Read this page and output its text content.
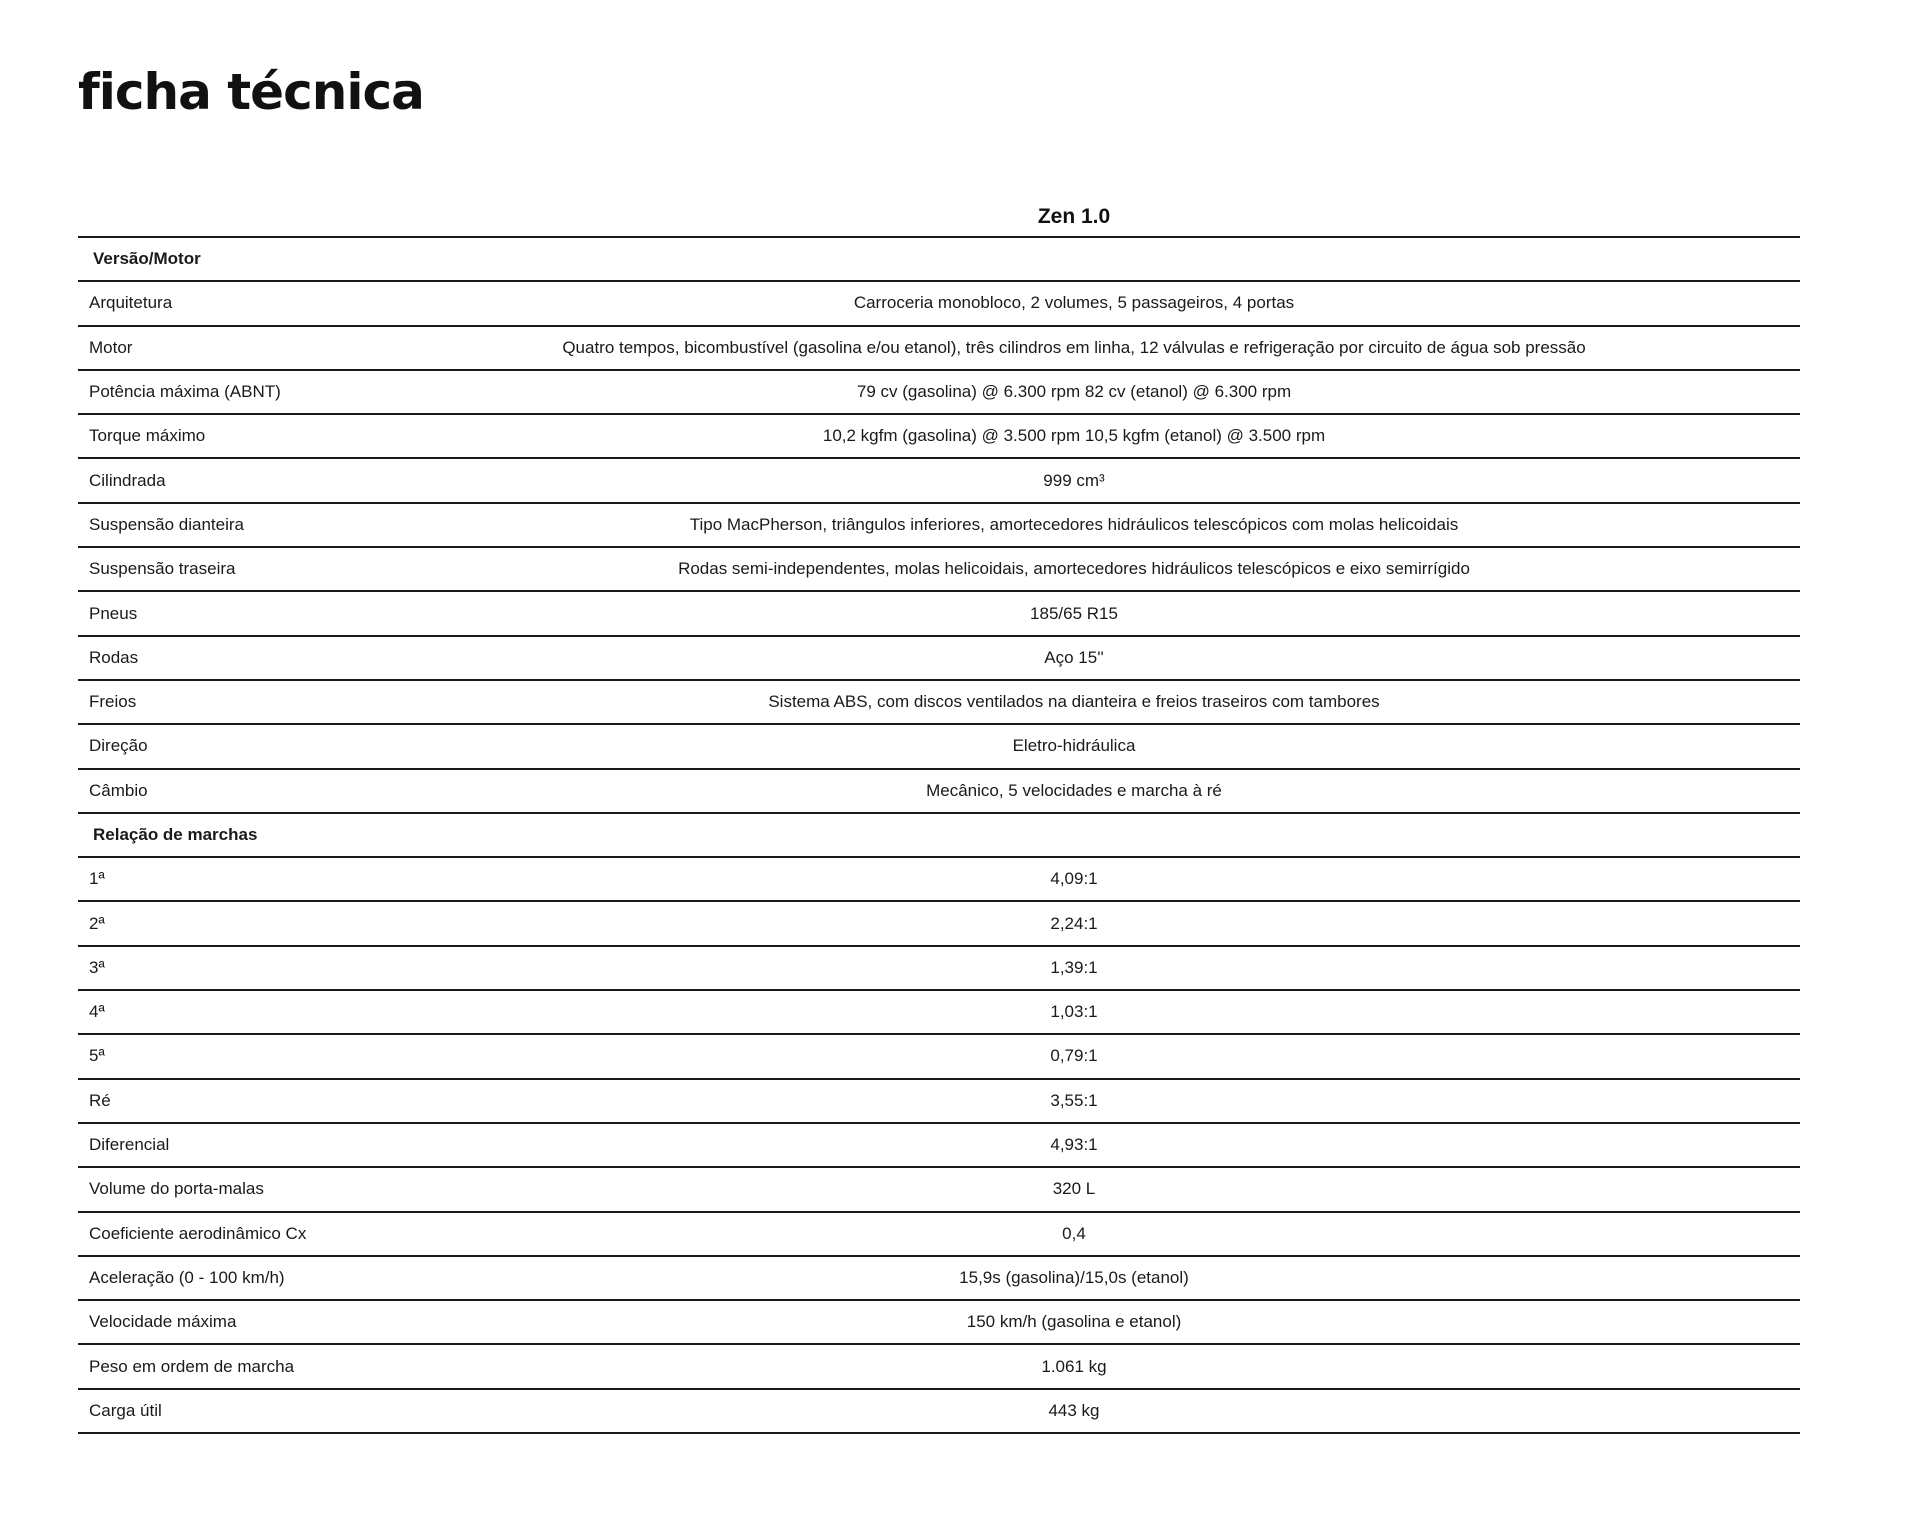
ficha técnica
Zen 1.0
Versão/Motor
Arquitetura	Carroceria monobloco, 2 volumes, 5 passageiros, 4 portas
Motor	Quatro tempos, bicombustível (gasolina e/ou etanol), três cilindros em linha, 12 válvulas e refrigeração por circuito de água sob pressão
Potência máxima (ABNT)	79 cv (gasolina) @ 6.300 rpm 82 cv (etanol) @ 6.300 rpm
Torque máximo	10,2 kgfm (gasolina) @ 3.500 rpm 10,5 kgfm (etanol) @ 3.500 rpm
Cilindrada	999 cm³
Suspensão dianteira	Tipo MacPherson, triângulos inferiores, amortecedores hidráulicos telescópicos com molas helicoidais
Suspensão traseira	Rodas semi-independentes, molas helicoidais, amortecedores hidráulicos telescópicos e eixo semirrígido
Pneus	185/65 R15
Rodas	Aço 15''
Freios	Sistema ABS, com discos ventilados na dianteira e freios traseiros com tambores
Direção	Eletro-hidráulica
Câmbio	Mecânico, 5 velocidades e marcha à ré
Relação de marchas
1ª	4,09:1
2ª	2,24:1
3ª	1,39:1
4ª	1,03:1
5ª	0,79:1
Ré	3,55:1
Diferencial	4,93:1
Volume do porta-malas	320 L
Coeficiente aerodinâmico Cx	0,4
Aceleração (0 - 100 km/h)	15,9s (gasolina)/15,0s (etanol)
Velocidade máxima	150 km/h (gasolina e etanol)
Peso em ordem de marcha	1.061 kg
Carga útil	443 kg
